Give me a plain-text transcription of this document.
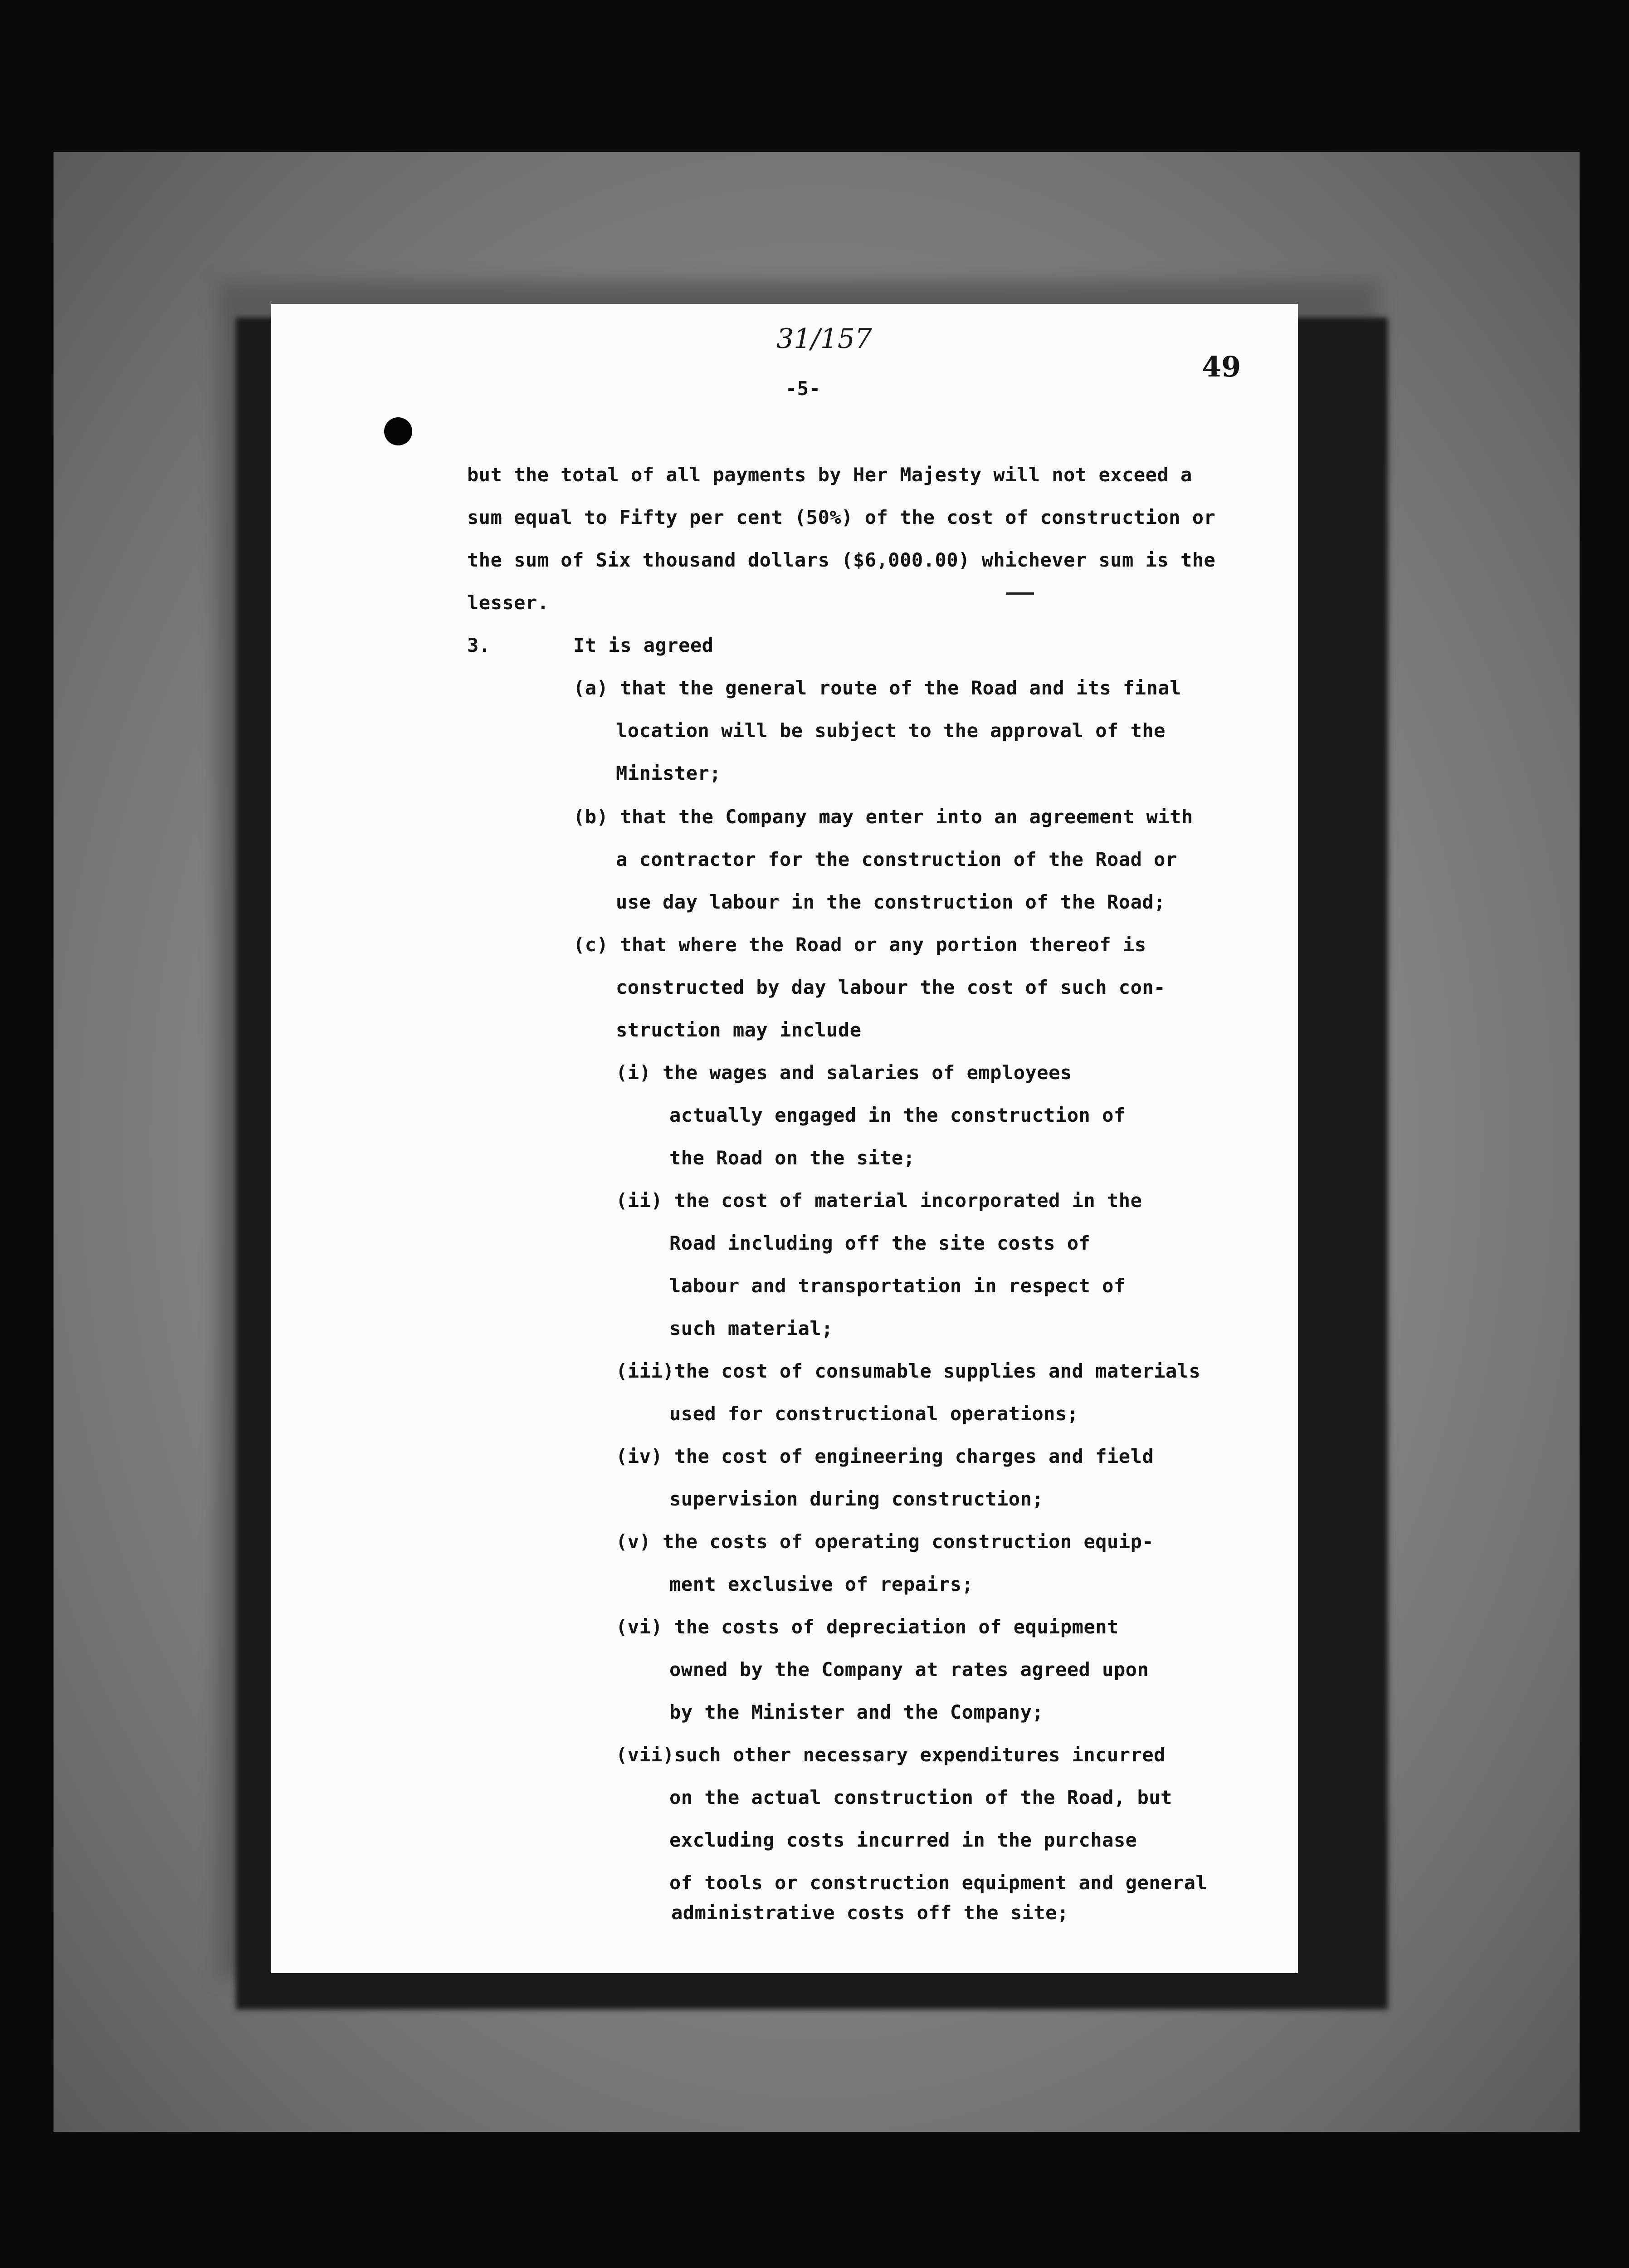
31/157
-5-
49
but the total of all payments by Her Majesty will not exceed a
sum equal to Fifty per cent (50%) of the cost of construction or
the sum of Six thousand dollars ($6,000.00) whichever sum is the
lesser.
3.	It is agreed
(a) that the general route of the Road and its final
location will be subject to the approval of the
Minister;
(b) that the Company may enter into an agreement with
a contractor for the construction of the Road or
use day labour in the construction of the Road;
(c) that where the Road or any portion thereof is
constructed by day labour the cost of such con-
struction may include
(i) the wages and salaries of employees
actually engaged in the construction of
the Road on the site;
(ii) the cost of material incorporated in the
Road including off the site costs of
labour and transportation in respect of
such material;
(iii)the cost of consumable supplies and materials
used for constructional operations;
(iv) the cost of engineering charges and field
supervision during construction;
(v) the costs of operating construction equip-
ment exclusive of repairs;
(vi) the costs of depreciation of equipment
owned by the Company at rates agreed upon
by the Minister and the Company;
(vii)such other necessary expenditures incurred
on the actual construction of the Road, but
excluding costs incurred in the purchase
of tools or construction equipment and general
administrative costs off the site;
